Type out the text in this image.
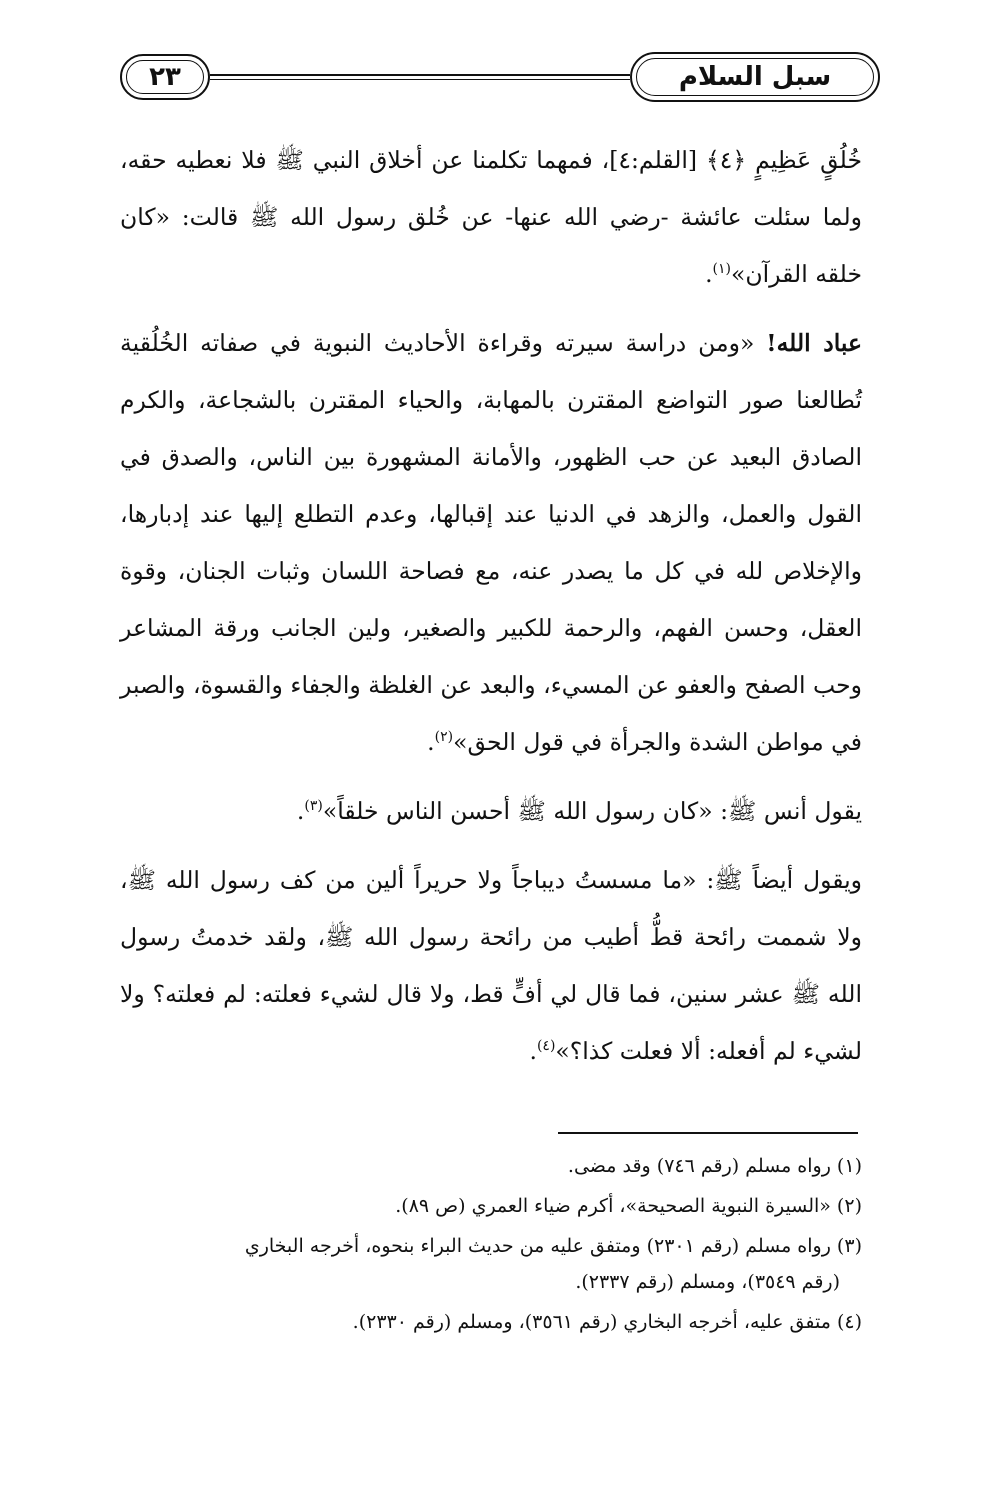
سبل السلام
٢٣

خُلُقٍ عَظِيمٍ ﴿٤﴾ [القلم:٤]، فمهما تكلمنا عن أخلاق النبي ﷺ فلا نعطيه حقه، ولما سئلت عائشة -رضي الله عنها- عن خُلق رسول الله ﷺ قالت: «كان خلقه القرآن»$^{(١)}$.

عباد الله! «ومن دراسة سيرته وقراءة الأحاديث النبوية في صفاته الخُلُقية تُطالعنا صور التواضع المقترن بالمهابة، والحياء المقترن بالشجاعة، والكرم الصادق البعيد عن حب الظهور، والأمانة المشهورة بين الناس، والصدق في القول والعمل، والزهد في الدنيا عند إقبالها، وعدم التطلع إليها عند إدبارها، والإخلاص لله في كل ما يصدر عنه، مع فصاحة اللسان وثبات الجنان، وقوة العقل، وحسن الفهم، والرحمة للكبير والصغير، ولين الجانب ورقة المشاعر وحب الصفح والعفو عن المسيء، والبعد عن الغلظة والجفاء والقسوة، والصبر في مواطن الشدة والجرأة في قول الحق»$^{(٢)}$.

يقول أنس ﷺ: «كان رسول الله ﷺ أحسن الناس خلقاً»$^{(٣)}$.

ويقول أيضاً ﷺ: «ما مسستُ ديباجاً ولا حريراً ألين من كف رسول الله ﷺ، ولا شممت رائحة قطُّ أطيب من رائحة رسول الله ﷺ، ولقد خدمتُ رسول الله ﷺ عشر سنين، فما قال لي أفٍّ قط، ولا قال لشيء فعلته: لم فعلته؟ ولا لشيء لم أفعله: ألا فعلت كذا؟»$^{(٤)}$.

(١) رواه مسلم (رقم ٧٤٦) وقد مضى.
(٢) «السيرة النبوية الصحيحة»، أكرم ضياء العمري (ص ٨٩).
(٣) رواه مسلم (رقم ٢٣٠١) ومتفق عليه من حديث البراء بنحوه، أخرجه البخاري
(رقم ٣٥٤٩)، ومسلم (رقم ٢٣٣٧).
(٤) متفق عليه، أخرجه البخاري (رقم ٣٥٦١)، ومسلم (رقم ٢٣٣٠).
